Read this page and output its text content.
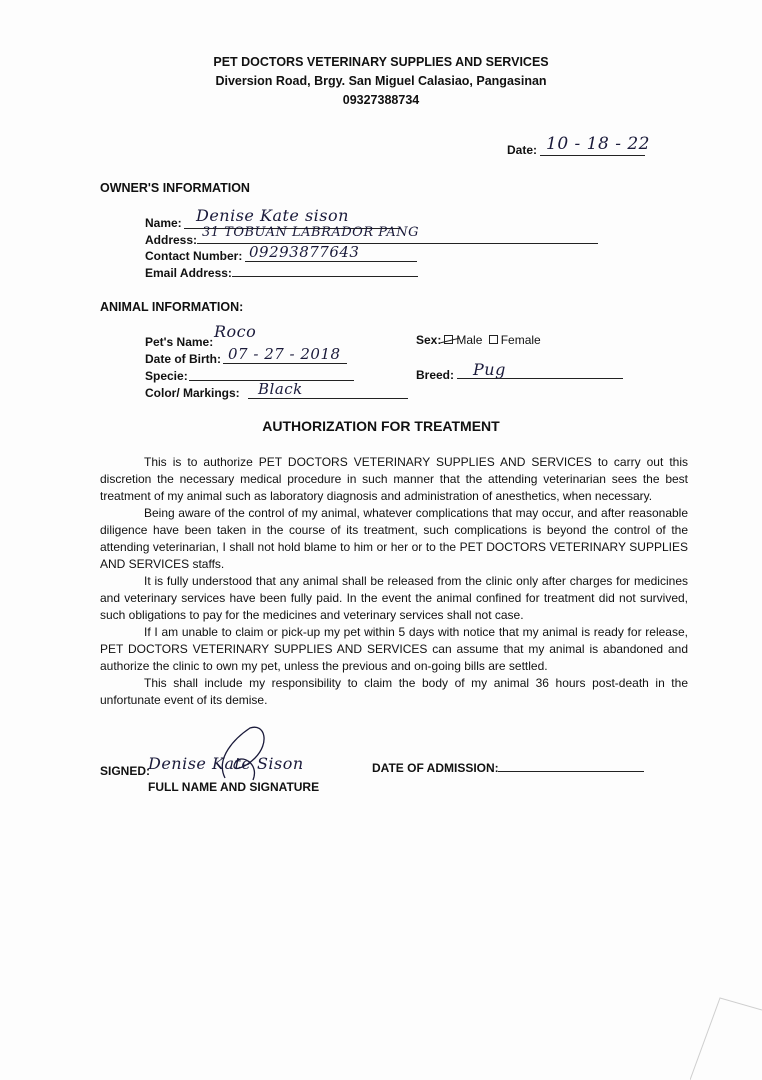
PET DOCTORS VETERINARY SUPPLIES AND SERVICES
Diversion Road, Brgy. San Miguel Calasiao, Pangasinan
09327388734
Date: 10 - 18 - 22
OWNER'S INFORMATION
Name: Denise Kate sison
Address: 31 TOBUAN LABRADOR PANG
Contact Number: 09293877643
Email Address:
ANIMAL INFORMATION:
Pet's Name:
Roco
Date of Birth: 07 - 27 - 2018
Specie:
Color/ Markings: Black
Sex: Male Female
Breed: Pug
AUTHORIZATION FOR TREATMENT

This is to authorize PET DOCTORS VETERINARY SUPPLIES AND SERVICES to carry out this discretion the necessary medical procedure in such manner that the attending veterinarian sees the best treatment of my animal such as laboratory diagnosis and administration of anesthetics, when necessary.

Being aware of the control of my animal, whatever complications that may occur, and after reasonable diligence have been taken in the course of its treatment, such complications is beyond the control of the attending veterinarian, I shall not hold blame to him or her or to the PET DOCTORS VETERINARY SUPPLIES AND SERVICES staffs.

It is fully understood that any animal shall be released from the clinic only after charges for medicines and veterinary services have been fully paid. In the event the animal confined for treatment did not survived, such obligations to pay for the medicines and veterinary services shall not case.

If I am unable to claim or pick-up my pet within 5 days with notice that my animal is ready for release, PET DOCTORS VETERINARY SUPPLIES AND SERVICES can assume that my animal is abandoned and authorize the clinic to own my pet, unless the previous and on-going bills are settled.

This shall include my responsibility to claim the body of my animal 36 hours post-death in the unfortunate event of its demise.

SIGNED:
Denise Kate Sison
FULL NAME AND SIGNATURE
DATE OF ADMISSION:
